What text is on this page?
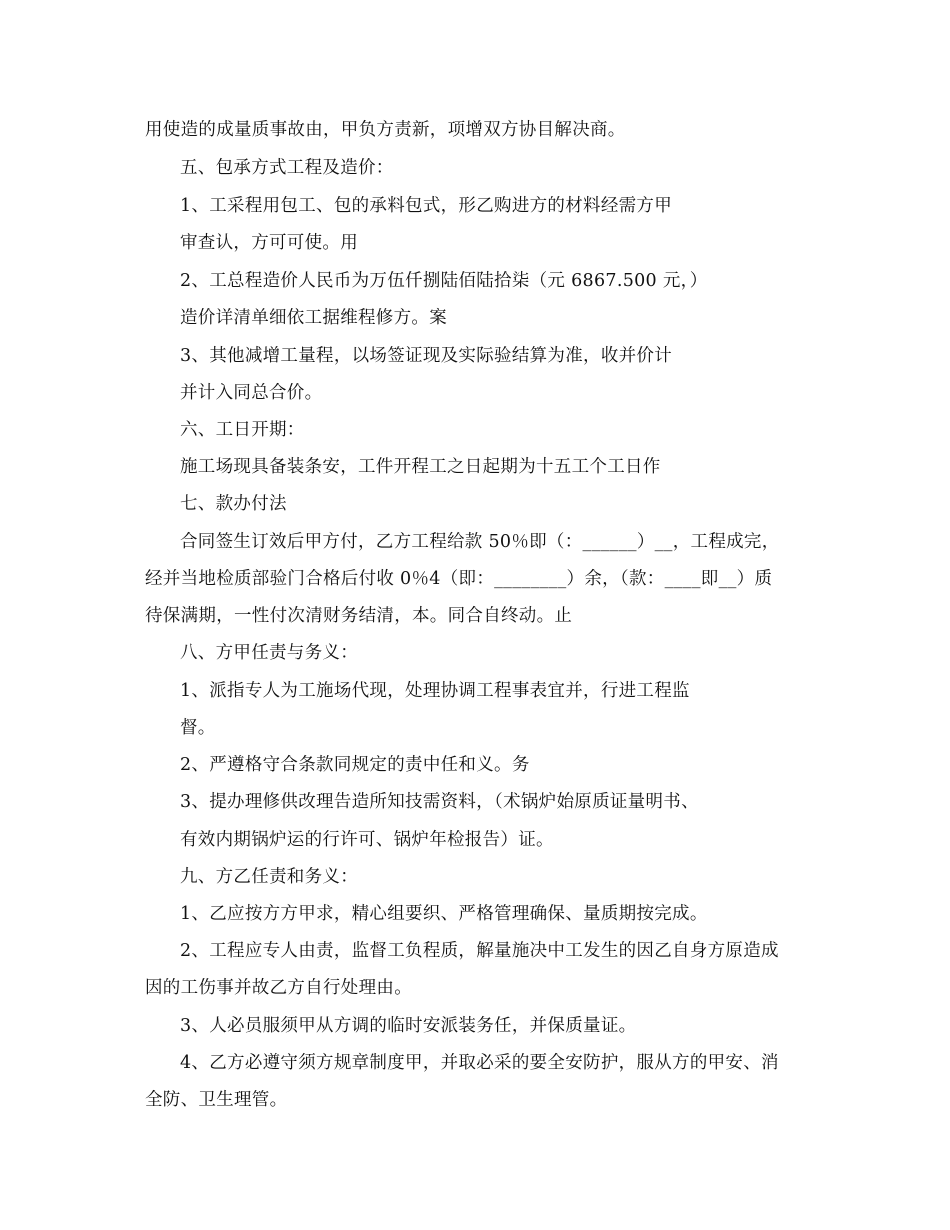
用使造的成量质事故由，甲负方责新，项增双方协目解决商。
五、包承方式工程及造价：
1、工采程用包工、包的承料包式，形乙购进方的材料经需方甲
审查认，方可可使。用
2、工总程造价人民币为万伍仟捌陆佰陆拾柒（元 6867.500 元，）
造价详清单细依工据维程修方。案
3、其他减增工量程，以场签证现及实际验结算为准，收并价计
并计入同总合价。
六、工日开期：
施工场现具备装条安，工件开程工之日起期为十五工个工日作
七、款办付法
合同签生订效后甲方付，乙方工程给款 50％即（：______）__，工程成完，
经并当地检质部验门合格后付收 0％4（即：________）余，（款：____即__）质
待保满期，一性付次清财务结清，本。同合自终动。止
八、方甲任责与务义：
1、派指专人为工施场代现，处理协调工程事表宜并，行进工程监
督。
2、严遵格守合条款同规定的责中任和义。务
3、提办理修供改理告造所知技需资料，（术锅炉始原质证量明书、
有效内期锅炉运的行许可、锅炉年检报告）证。
九、方乙任责和务义：
1、乙应按方方甲求，精心组要织、严格管理确保、量质期按完成。
2、工程应专人由责，监督工负程质，解量施决中工发生的因乙自身方原造成
因的工伤事并故乙方自行处理由。
3、人必员服须甲从方调的临时安派装务任，并保质量证。
4、乙方必遵守须方规章制度甲，并取必采的要全安防护，服从方的甲安、消
全防、卫生理管。
